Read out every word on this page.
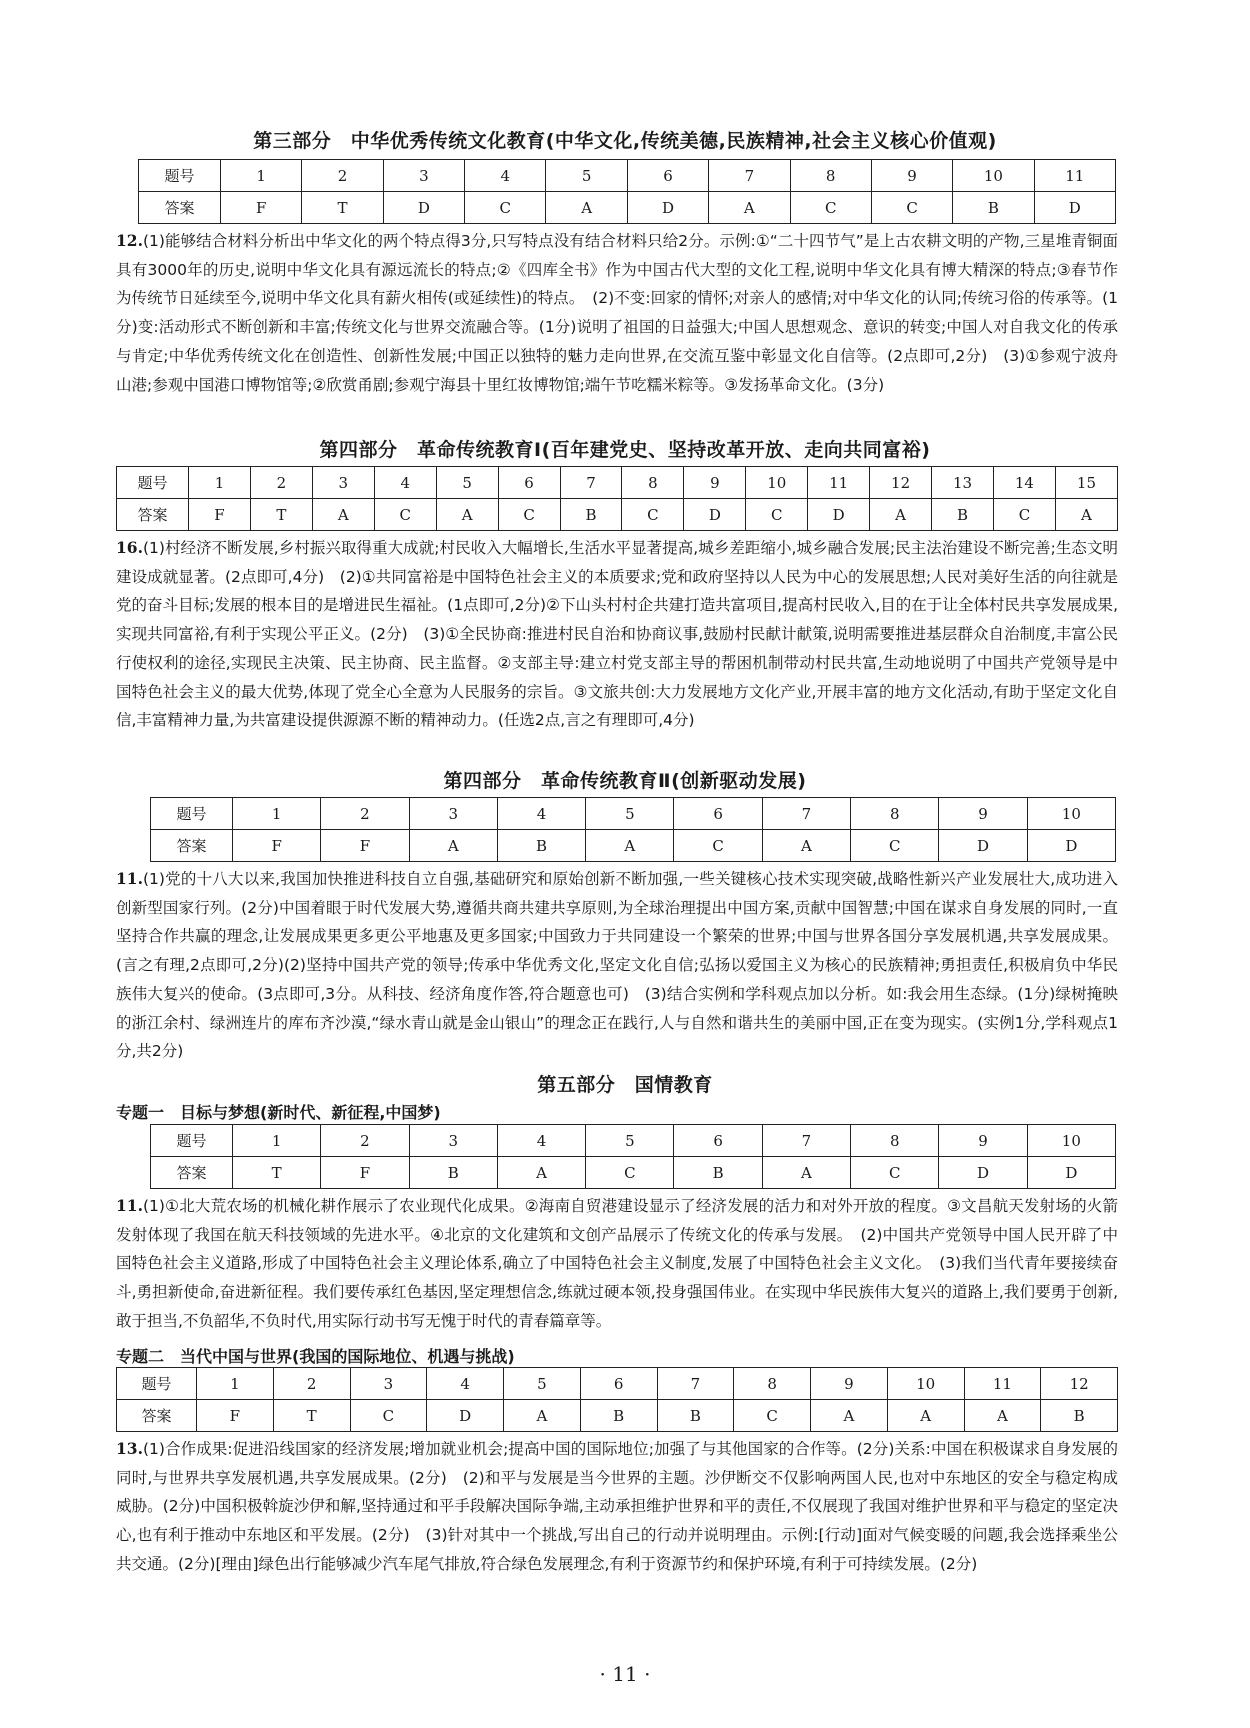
第三部分　中华优秀传统文化教育(中华文化,传统美德,民族精神,社会主义核心价值观)
题号	1	2	3	4	5	6	7	8	9	10	11
答案	F	T	D	C	A	D	A	C	C	B	D
12.(1)能够结合材料分析出中华文化的两个特点得3分,只写特点没有结合材料只给2分。示例:①“二十四节气”是上古农耕文明的产物,三星堆青铜面具有3000年的历史,说明中华文化具有源远流长的特点;②《四库全书》作为中国古代大型的文化工程,说明中华文化具有博大精深的特点;③春节作为传统节日延续至今,说明中华文化具有薪火相传(或延续性)的特点。　(2)不变:回家的情怀;对亲人的感情;对中华文化的认同;传统习俗的传承等。(1分)变:活动形式不断创新和丰富;传统文化与世界交流融合等。(1分)说明了祖国的日益强大;中国人思想观念、意识的转变;中国人对自我文化的传承与肯定;中华优秀传统文化在创造性、创新性发展;中国正以独特的魅力走向世界,在交流互鉴中彰显文化自信等。(2点即可,2分)　(3)①参观宁波舟山港;参观中国港口博物馆等;②欣赏甬剧;参观宁海县十里红妆博物馆;端午节吃糯米粽等。③发扬革命文化。(3分)
第四部分　革命传统教育Ⅰ(百年建党史、坚持改革开放、走向共同富裕)
题号	1	2	3	4	5	6	7	8	9	10	11	12	13	14	15
答案	F	T	A	C	A	C	B	C	D	C	D	A	B	C	A
16.(1)村经济不断发展,乡村振兴取得重大成就;村民收入大幅增长,生活水平显著提高,城乡差距缩小,城乡融合发展;民主法治建设不断完善;生态文明建设成就显著。(2点即可,4分)　(2)①共同富裕是中国特色社会主义的本质要求;党和政府坚持以人民为中心的发展思想;人民对美好生活的向往就是党的奋斗目标;发展的根本目的是增进民生福祉。(1点即可,2分)②下山头村村企共建打造共富项目,提高村民收入,目的在于让全体村民共享发展成果,实现共同富裕,有利于实现公平正义。(2分)　(3)①全民协商:推进村民自治和协商议事,鼓励村民献计献策,说明需要推进基层群众自治制度,丰富公民行使权利的途径,实现民主决策、民主协商、民主监督。②支部主导:建立村党支部主导的帮困机制带动村民共富,生动地说明了中国共产党领导是中国特色社会主义的最大优势,体现了党全心全意为人民服务的宗旨。③文旅共创:大力发展地方文化产业,开展丰富的地方文化活动,有助于坚定文化自信,丰富精神力量,为共富建设提供源源不断的精神动力。(任选2点,言之有理即可,4分)
第四部分　革命传统教育Ⅱ(创新驱动发展)
题号	1	2	3	4	5	6	7	8	9	10
答案	F	F	A	B	A	C	A	C	D	D
11.(1)党的十八大以来,我国加快推进科技自立自强,基础研究和原始创新不断加强,一些关键核心技术实现突破,战略性新兴产业发展壮大,成功进入创新型国家行列。(2分)中国着眼于时代发展大势,遵循共商共建共享原则,为全球治理提出中国方案,贡献中国智慧;中国在谋求自身发展的同时,一直坚持合作共赢的理念,让发展成果更多更公平地惠及更多国家;中国致力于共同建设一个繁荣的世界;中国与世界各国分享发展机遇,共享发展成果。(言之有理,2点即可,2分)(2)坚持中国共产党的领导;传承中华优秀文化,坚定文化自信;弘扬以爱国主义为核心的民族精神;勇担责任,积极肩负中华民族伟大复兴的使命。(3点即可,3分。从科技、经济角度作答,符合题意也可)　(3)结合实例和学科观点加以分析。如:我会用生态绿。(1分)绿树掩映的浙江余村、绿洲连片的库布齐沙漠,“绿水青山就是金山银山”的理念正在践行,人与自然和谐共生的美丽中国,正在变为现实。(实例1分,学科观点1分,共2分)
第五部分　国情教育
专题一　目标与梦想(新时代、新征程,中国梦)
题号	1	2	3	4	5	6	7	8	9	10
答案	T	F	B	A	C	B	A	C	D	D
11.(1)①北大荒农场的机械化耕作展示了农业现代化成果。②海南自贸港建设显示了经济发展的活力和对外开放的程度。③文昌航天发射场的火箭发射体现了我国在航天科技领域的先进水平。④北京的文化建筑和文创产品展示了传统文化的传承与发展。　(2)中国共产党领导中国人民开辟了中国特色社会主义道路,形成了中国特色社会主义理论体系,确立了中国特色社会主义制度,发展了中国特色社会主义文化。　(3)我们当代青年要接续奋斗,勇担新使命,奋进新征程。我们要传承红色基因,坚定理想信念,练就过硬本领,投身强国伟业。在实现中华民族伟大复兴的道路上,我们要勇于创新,敢于担当,不负韶华,不负时代,用实际行动书写无愧于时代的青春篇章等。
专题二　当代中国与世界(我国的国际地位、机遇与挑战)
题号	1	2	3	4	5	6	7	8	9	10	11	12
答案	F	T	C	D	A	B	B	C	A	A	A	B
13.(1)合作成果:促进沿线国家的经济发展;增加就业机会;提高中国的国际地位;加强了与其他国家的合作等。(2分)关系:中国在积极谋求自身发展的同时,与世界共享发展机遇,共享发展成果。(2分)　(2)和平与发展是当今世界的主题。沙伊断交不仅影响两国人民,也对中东地区的安全与稳定构成威胁。(2分)中国积极斡旋沙伊和解,坚持通过和平手段解决国际争端,主动承担维护世界和平的责任,不仅展现了我国对维护世界和平与稳定的坚定决心,也有利于推动中东地区和平发展。(2分)　(3)针对其中一个挑战,写出自己的行动并说明理由。示例:[行动]面对气候变暖的问题,我会选择乘坐公共交通。(2分)[理由]绿色出行能够减少汽车尾气排放,符合绿色发展理念,有利于资源节约和保护环境,有利于可持续发展。(2分)
· 11 ·
